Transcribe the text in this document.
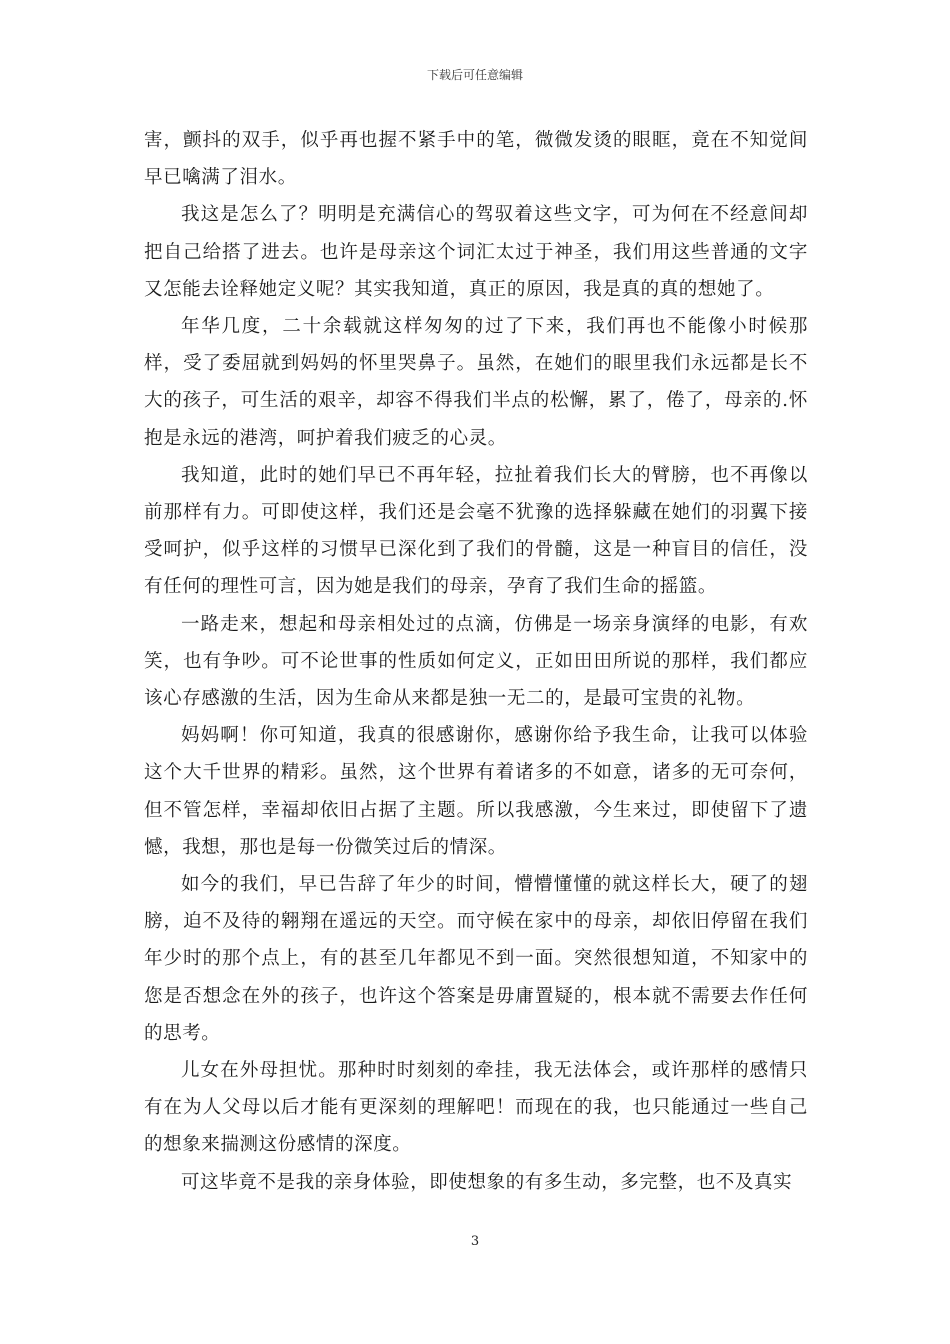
下载后可任意编辑

害，颤抖的双手，似乎再也握不紧手中的笔，微微发烫的眼眶，竟在不知觉间早已噙满了泪水。

我这是怎么了？明明是充满信心的驾驭着这些文字，可为何在不经意间却把自己给搭了进去。也许是母亲这个词汇太过于神圣，我们用这些普通的文字又怎能去诠释她定义呢？其实我知道，真正的原因，我是真的真的想她了。

年华几度，二十余载就这样匆匆的过了下来，我们再也不能像小时候那样，受了委屈就到妈妈的怀里哭鼻子。虽然，在她们的眼里我们永远都是长不大的孩子，可生活的艰辛，却容不得我们半点的松懈，累了，倦了，母亲的.怀抱是永远的港湾，呵护着我们疲乏的心灵。

我知道，此时的她们早已不再年轻，拉扯着我们长大的臂膀，也不再像以前那样有力。可即使这样，我们还是会毫不犹豫的选择躲藏在她们的羽翼下接受呵护，似乎这样的习惯早已深化到了我们的骨髓，这是一种盲目的信任，没有任何的理性可言，因为她是我们的母亲，孕育了我们生命的摇篮。

一路走来，想起和母亲相处过的点滴，仿佛是一场亲身演绎的电影，有欢笑，也有争吵。可不论世事的性质如何定义，正如田田所说的那样，我们都应该心存感激的生活，因为生命从来都是独一无二的，是最可宝贵的礼物。

妈妈啊！你可知道，我真的很感谢你，感谢你给予我生命，让我可以体验这个大千世界的精彩。虽然，这个世界有着诸多的不如意，诸多的无可奈何，但不管怎样，幸福却依旧占据了主题。所以我感激，今生来过，即使留下了遗憾，我想，那也是每一份微笑过后的情深。

如今的我们，早已告辞了年少的时间，懵懵懂懂的就这样长大，硬了的翅膀，迫不及待的翱翔在遥远的天空。而守候在家中的母亲，却依旧停留在我们年少时的那个点上，有的甚至几年都见不到一面。突然很想知道，不知家中的您是否想念在外的孩子，也许这个答案是毋庸置疑的，根本就不需要去作任何的思考。

儿女在外母担忧。那种时时刻刻的牵挂，我无法体会，或许那样的感情只有在为人父母以后才能有更深刻的理解吧！而现在的我，也只能通过一些自己的想象来揣测这份感情的深度。

可这毕竟不是我的亲身体验，即使想象的有多生动，多完整，也不及真实

3
